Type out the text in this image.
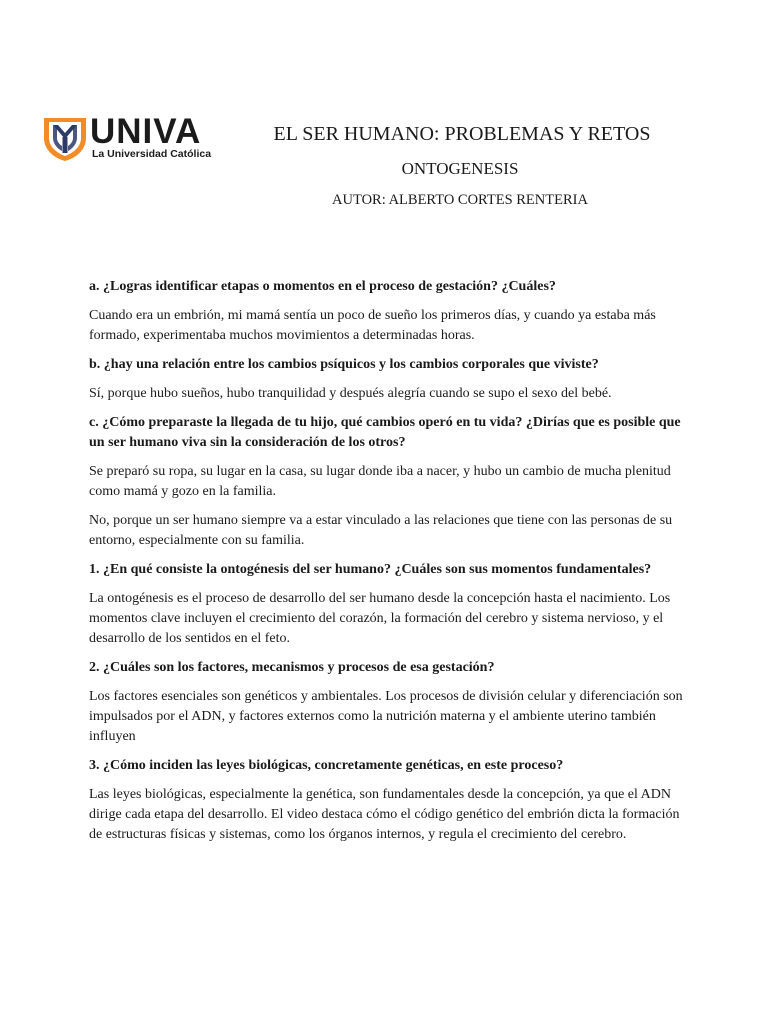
UNIVA
La Universidad Católica
EL SER HUMANO: PROBLEMAS Y RETOS
ONTOGENESIS

AUTOR: ALBERTO CORTES RENTERIA

a. ¿Logras identificar etapas o momentos en el proceso de gestación? ¿Cuáles?

Cuando era un embrión, mi mamá sentía un poco de sueño los primeros días, y cuando ya estaba más formado, experimentaba muchos movimientos a determinadas horas.

b. ¿hay una relación entre los cambios psíquicos y los cambios corporales que viviste?

Sí, porque hubo sueños, hubo tranquilidad y después alegría cuando se supo el sexo del bebé.

c. ¿Cómo preparaste la llegada de tu hijo, qué cambios operó en tu vida? ¿Dirías que es posible que un ser humano viva sin la consideración de los otros?

Se preparó su ropa, su lugar en la casa, su lugar donde iba a nacer, y hubo un cambio de mucha plenitud como mamá y gozo en la familia.

No, porque un ser humano siempre va a estar vinculado a las relaciones que tiene con las personas de su entorno, especialmente con su familia.

1. ¿En qué consiste la ontogénesis del ser humano? ¿Cuáles son sus momentos fundamentales?

La ontogénesis es el proceso de desarrollo del ser humano desde la concepción hasta el nacimiento. Los momentos clave incluyen el crecimiento del corazón, la formación del cerebro y sistema nervioso, y el desarrollo de los sentidos en el feto.

2. ¿Cuáles son los factores, mecanismos y procesos de esa gestación?

Los factores esenciales son genéticos y ambientales. Los procesos de división celular y diferenciación son impulsados por el ADN, y factores externos como la nutrición materna y el ambiente uterino también influyen

3. ¿Cómo inciden las leyes biológicas, concretamente genéticas, en este proceso?

Las leyes biológicas, especialmente la genética, son fundamentales desde la concepción, ya que el ADN dirige cada etapa del desarrollo. El video destaca cómo el código genético del embrión dicta la formación de estructuras físicas y sistemas, como los órganos internos, y regula el crecimiento del cerebro.
